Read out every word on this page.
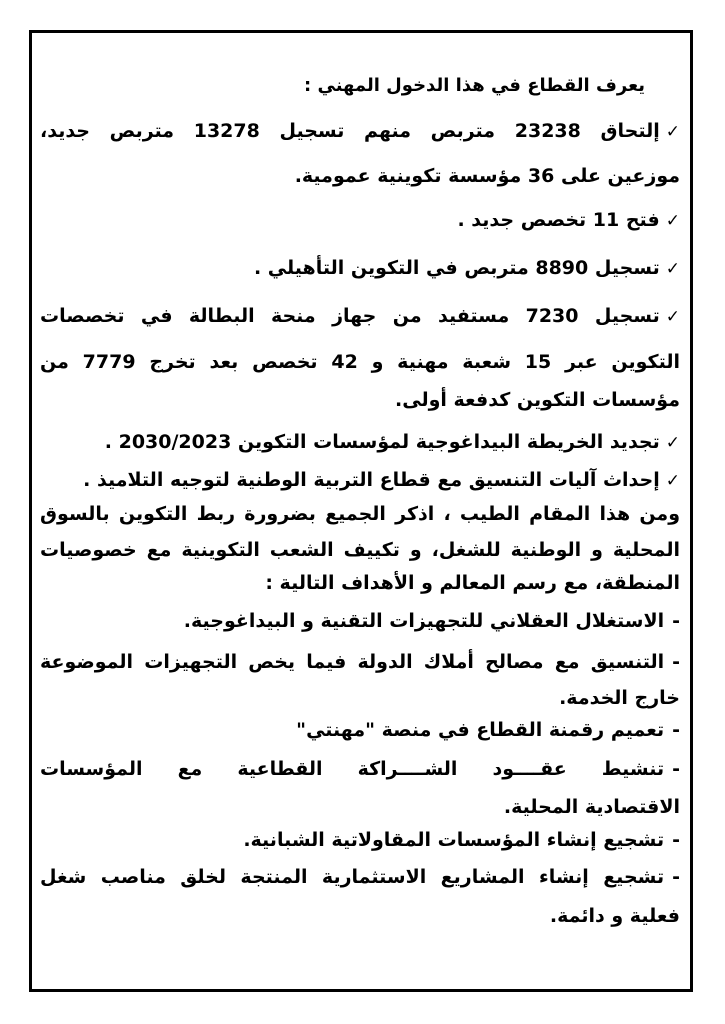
يعرف القطاع في هذا الدخول المهني :
✓إلتحاق 23238 متربص منهم تسجيل 13278 متربص جديد،
موزعين على 36 مؤسسة تكوينية عمومية.
✓فتح 11 تخصص جديد .
✓تسجيل 8890 متربص في التكوين التأهيلي .
✓تسجيل 7230 مستفيد من جهاز منحة البطالة في تخصصات
التكوين عبر 15 شعبة مهنية و 42 تخصص بعد تخرج 7779 من
مؤسسات التكوين كدفعة أولى.
✓تجديد الخريطة البيداغوجية لمؤسسات التكوين 2030/2023 .
✓إحداث آليات التنسيق مع قطاع التربية الوطنية لتوجيه التلاميذ .
ومن هذا المقام الطيب ، اذكر الجميع بضرورة ربط التكوين بالسوق
المحلية و الوطنية للشغل، و تكييف الشعب التكوينية مع خصوصيات
المنطقة، مع رسم المعالم و الأهداف التالية :
-الاستغلال العقلاني للتجهيزات التقنية و البيداغوجية.
-التنسيق مع مصالح أملاك الدولة فيما يخص التجهيزات الموضوعة
خارج الخدمة.
-تعميم رقمنة القطاع في منصة "مهنتي"
-تنشيط عقــــود الشــــراكة القطاعية مع المؤسسات
الاقتصادية المحلية.
-تشجيع إنشاء المؤسسات المقاولاتية الشبانية.
-تشجيع إنشاء المشاريع الاستثمارية المنتجة لخلق مناصب شغل
فعلية و دائمة.
